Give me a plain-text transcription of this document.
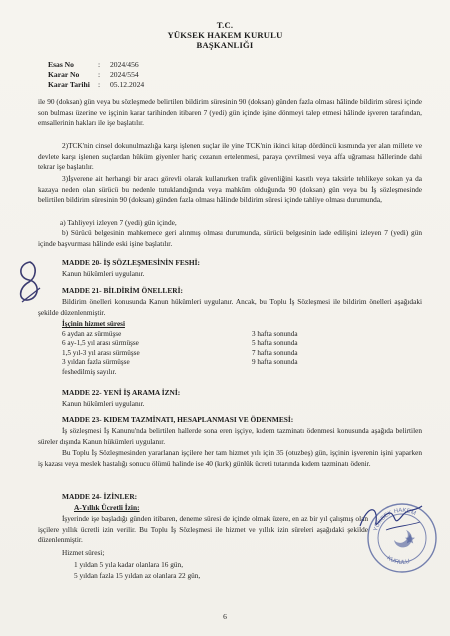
T.C.
YÜKSEK HAKEM KURULU
BAŞKANLIĞI
Esas No	: 2024/456
Karar No : 2024/554
Karar Tarihi : 05.12.2024
ile 90 (doksan) gün veya bu sözleşmede belirtilen bildirim süresinin 90 (doksan) günden fazla olması hâlinde bildirim süresi içinde son bulması üzerine ve işçinin karar tarihinden itibaren 7 (yedi) gün içinde işine dönmeyi talep etmesi hâlinde işveren tarafından, emsallerinin hakları ile işe başlatılır.
2)TCK'nin cinsel dokunulmazlığa karşı işlenen suçlar ile yine TCK'nin ikinci kitap dördüncü kısmında yer alan millete ve devlete karşı işlenen suçlardan hüküm giyenler hariç cezanın ertelenmesi, paraya çevrilmesi veya affa uğraması hâllerinde dahi tekrar işe başlatılır.
3)İşverene ait herhangi bir aracı görevli olarak kullanırken trafik güvenliğini kasıtlı veya taksirle tehlikeye sokan ya da kazaya neden olan sürücü bu nedenle tutuklandığında veya mahkûm olduğunda 90 (doksan) gün veya bu İş sözleşmesinde belirtilen bildirim süresinin 90 (doksan) günden fazla olması hâlinde bildirim süresi içinde tahliye olması durumunda,
a) Tahliyeyi izleyen 7 (yedi) gün içinde,
b) Sürücü belgesinin mahkemece geri alınmış olması durumunda, sürücü belgesinin iade edilişini izleyen 7 (yedi) gün içinde başvurması hâlinde eski işine başlatılır.
MADDE 20- İŞ SÖZLEŞMESİNİN FESHİ:
Kanun hükümleri uygulanır.
MADDE 21- BİLDİRİM ÖNELLERİ:
Bildirim önelleri konusunda Kanun hükümleri uygulanır. Ancak, bu Toplu İş Sözleşmesi ile bildirim önelleri aşağıdaki şekilde düzenlenmiştir.
İşçinin hizmet süresi
6 aydan az sürmüşse
6 ay-1,5 yıl arası sürmüşse
1,5 yıl-3 yıl arası sürmüşse
3 yıldan fazla sürmüşse
feshedilmiş sayılır.
3 hafta sonunda
5 hafta sonunda
7 hafta sonunda
9 hafta sonunda
MADDE 22- YENİ İŞ ARAMA İZNİ:
Kanun hükümleri uygulanır.
MADDE 23- KIDEM TAZMİNATI, HESAPLANMASI VE ÖDENMESİ:
İş sözleşmesi İş Kanunu'nda belirtilen hallerde sona eren işçiye, kıdem tazminatı ödenmesi konusunda aşağıda belirtilen süreler dışında Kanun hükümleri uygulanır.
Bu Toplu İş Sözleşmesinden yararlanan işçilere her tam hizmet yılı için 35 (otuzbeş) gün, işçinin işverenin işini yaparken iş kazası veya meslek hastalığı sonucu ölümü halinde ise 40 (kırk) günlük ücreti tutarında kıdem tazminatı ödenir.
MADDE 24- İZİNLER:
A-Yıllık Ücretli İzin:
İşyerinde işe başladığı günden itibaren, deneme süresi de içinde olmak üzere, en az bir yıl çalışmış olan işçilere yıllık ücretli izin verilir. Bu Toplu İş Sözleşmesi ile hizmet ve yıllık izin süreleri aşağıdaki şekilde düzenlenmiştir.
Hizmet süresi;
1 yıldan 5 yıla kadar olanlara 16 gün,
5 yıldan fazla 15 yıldan az olanlara 22 gün,
6
YÜKSEK HAKEM
KURULU
